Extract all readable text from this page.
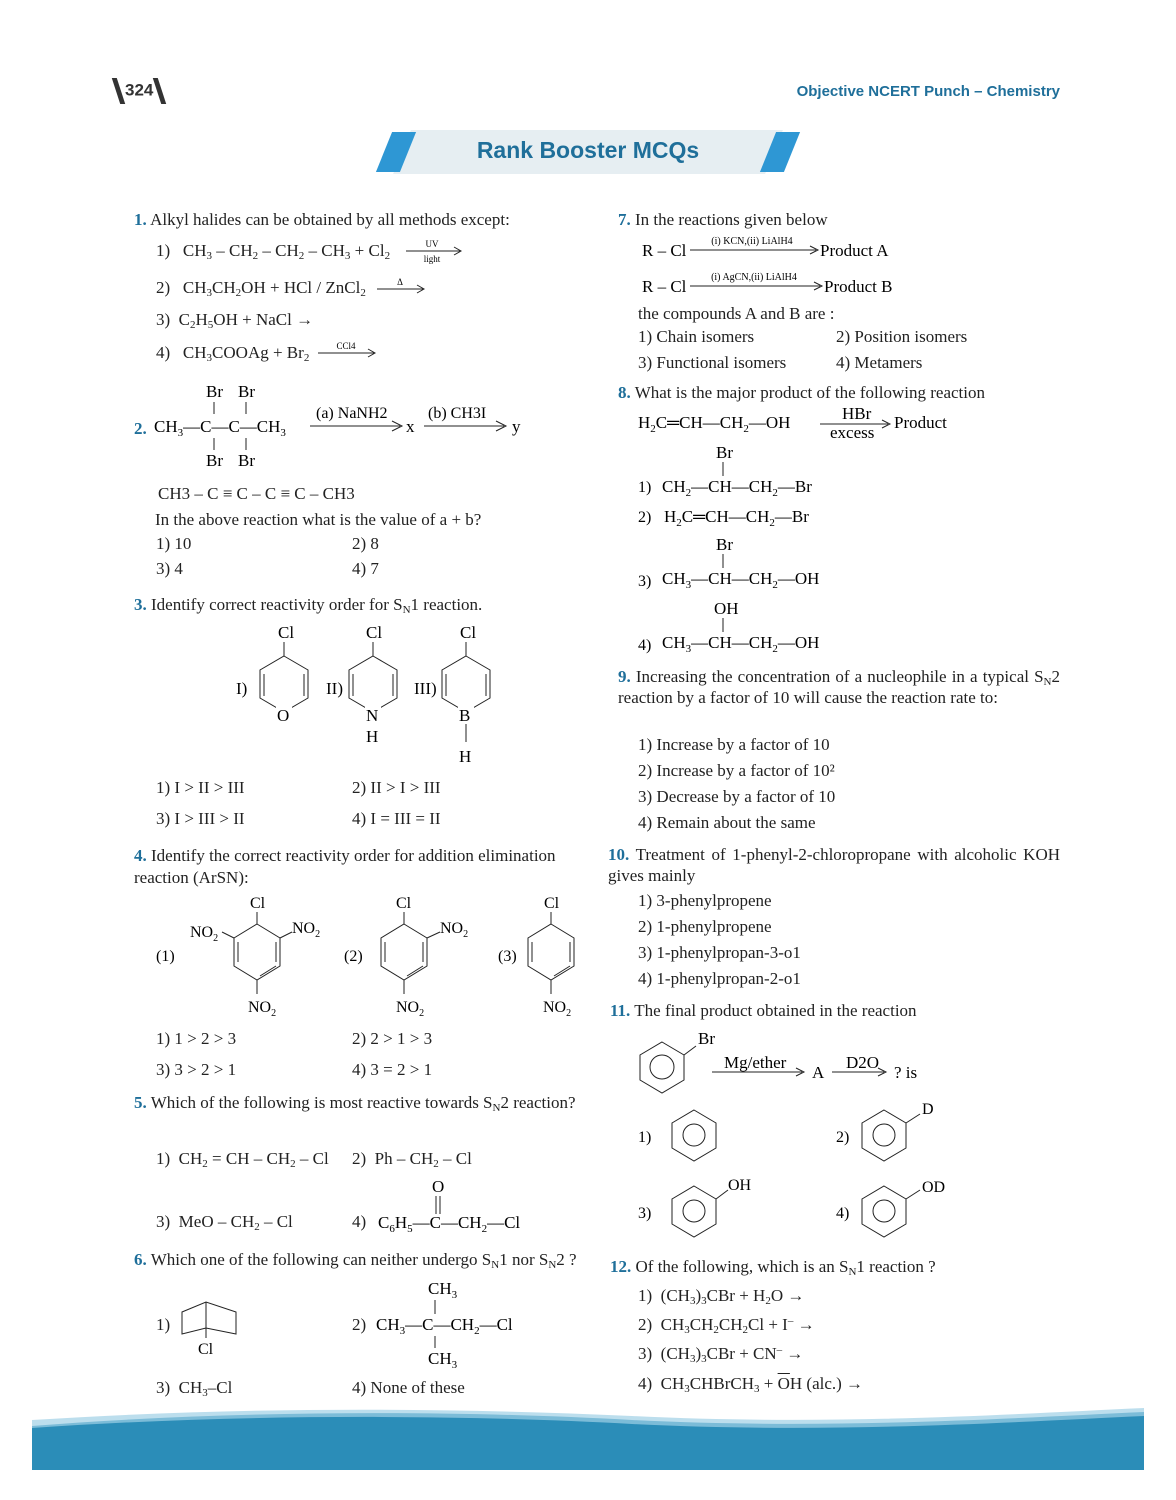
324	Objective NCERT Punch – Chemistry
Rank Booster MCQs
1. Alkyl halides can be obtained by all methods except:
1)   $CH_3 - CH_2 - CH_2 - CH_3 + Cl_2$
UV
light
2)   $CH_3CH_2OH$ + HCl / ZnCl$_2$
Δ
3)  $C_2H_5OH$ + NaCl →
4)   $CH_3COOAg + Br_2$
CCl4
2.
Br Br
$CH_3—C—C—CH_3$
Br Br
(a) NaNH2
x
(b) CH3I
y
CH3 – C ≡ C – C ≡ C – CH3
In the above reaction what is the value of a + b?
1) 10	2) 8
3) 4	4) 7
3. Identify correct reactivity order for $S_N1$ reaction.
I)
Cl
O
II)
Cl
N
H
III)
Cl
B
H
1) I > II > III	2) II > I > III
3) I > III > II	4) I = III = II
4. Identify the correct reactivity order for addition elimination reaction (ArSN):
(1)
Cl
$NO_2$
$NO_2$
$NO_2$
(2)
Cl
$NO_2$
$NO_2$
(3)
Cl
$NO_2$
1) 1 > 2 > 3	2) 2 > 1 > 3
3) 3 > 2 > 1	4) 3 = 2 > 1
5. Which of the following is most reactive towards $S_N2$ reaction?
1)  $CH_2$ = CH – $CH_2$ – Cl 2)  Ph – $CH_2$ – Cl
3)  MeO – $CH_2$ – Cl	4)
O
$C_6H_5—C—CH_2—Cl$
6. Which one of the following can neither undergo $S_N1$ nor $S_N2$ ?
1)
Cl
2)
$CH_3$
$CH_3—C—CH_2—Cl$
$CH_3$
3)  $CH_3-Cl$	4) None of these
7. In the reactions given below
R – Cl (i) KCN,(ii) LiAlH4 Product A
R – Cl (i) AgCN,(ii) LiAlH4 Product B
the compounds A and B are :
1) Chain isomers	2) Position isomers
3) Functional isomers	4) Metamers
8. What is the major product of the following reaction
$H_2C═CH—CH_2—OH$	HBr
excess
Product
Br
1) $CH_2—CH—CH_2—Br$
2) $H_2C═CH—CH_2—Br$
Br
3) $CH_3—CH—CH_2—OH$
OH
4) $CH_3—CH—CH_2—OH$
9. Increasing the concentration of a nucleophile in a typical $S_N2$ reaction by a factor of 10 will cause the reaction rate to:
1) Increase by a factor of 10
2) Increase by a factor of 10²
3) Decrease by a factor of 10
4) Remain about the same
10. Treatment of 1-phenyl-2-chloropropane with alcoholic KOH gives mainly
1) 3-phenylpropene
2) 1-phenylpropene
3) 1-phenylpropan-3-o1
4) 1-phenylpropan-2-o1
11. The final product obtained in the reaction
Br
Mg/ether
A
D2O
? is
1)	2)
D
3)
OH
4)
OD
12. Of the following, which is an $S_N1$ reaction ?
1)  $(CH_3)_3CBr + H_2O$ →
2)  $CH_3CH_2CH_2Cl + I^-$ →
3)  $(CH_3)_3CBr + CN^-$ →
4)  $CH_3CHBrCH_3 + \overline{O}H$ (alc.) →
